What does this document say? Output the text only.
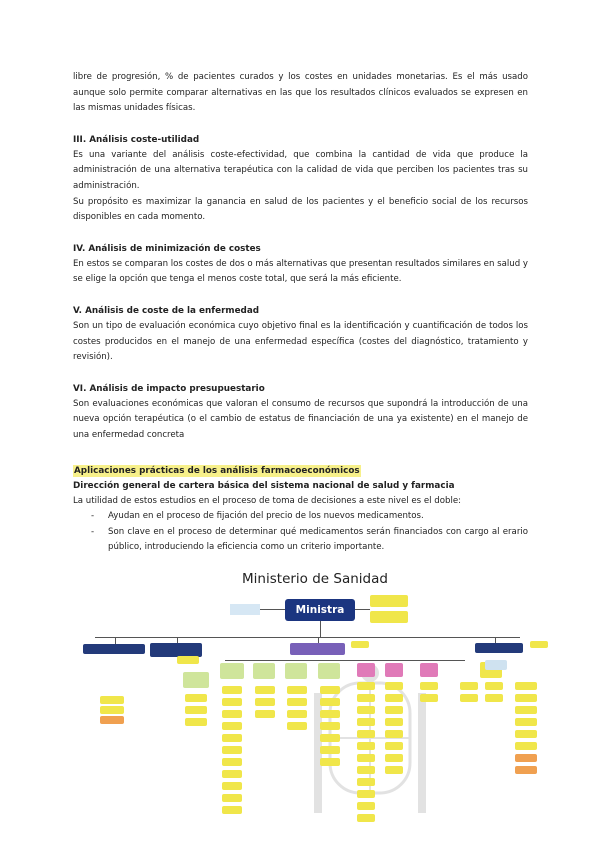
libre de progresión, % de pacientes curados y los costes en unidades monetarias. Es el más usado aunque solo permite comparar alternativas en las que los resultados clínicos evaluados se expresen en las mismas unidades físicas.

III. Análisis coste-utilidad

Es una variante del análisis coste-efectividad, que combina la cantidad de vida que produce la administración de una alternativa terapéutica con la calidad de vida que perciben los pacientes tras su administración.

Su propósito es maximizar la ganancia en salud de los pacientes y el beneficio social de los recursos disponibles en cada momento.

IV. Análisis de minimización de costes

En estos se comparan los costes de dos o más alternativas que presentan resultados similares en salud y se elige la opción que tenga el menos coste total, que será la más eficiente.

V. Análisis de coste de la enfermedad

Son un tipo de evaluación económica cuyo objetivo final es la identificación y cuantificación de todos los costes producidos en el manejo de una enfermedad específica (costes del diagnóstico, tratamiento y revisión).

VI. Análisis de impacto presupuestario

Son evaluaciones económicas que valoran el consumo de recursos que supondrá la introducción de una nueva opción terapéutica (o el cambio de estatus de financiación de una ya existente) en el manejo de una enfermedad concreta

Aplicaciones prácticas de los análisis farmacoeconómicos
Dirección general de cartera básica del sistema nacional de salud y farmacia

La utilidad de estos estudios en el proceso de toma de decisiones a este nivel es el doble:

- Ayudan en el proceso de fijación del precio de los nuevos medicamentos.
- Son clave en el proceso de determinar qué medicamentos serán financiados con cargo al erario público, introduciendo la eficiencia como un criterio importante.
Ministerio de Sanidad
Ministra
